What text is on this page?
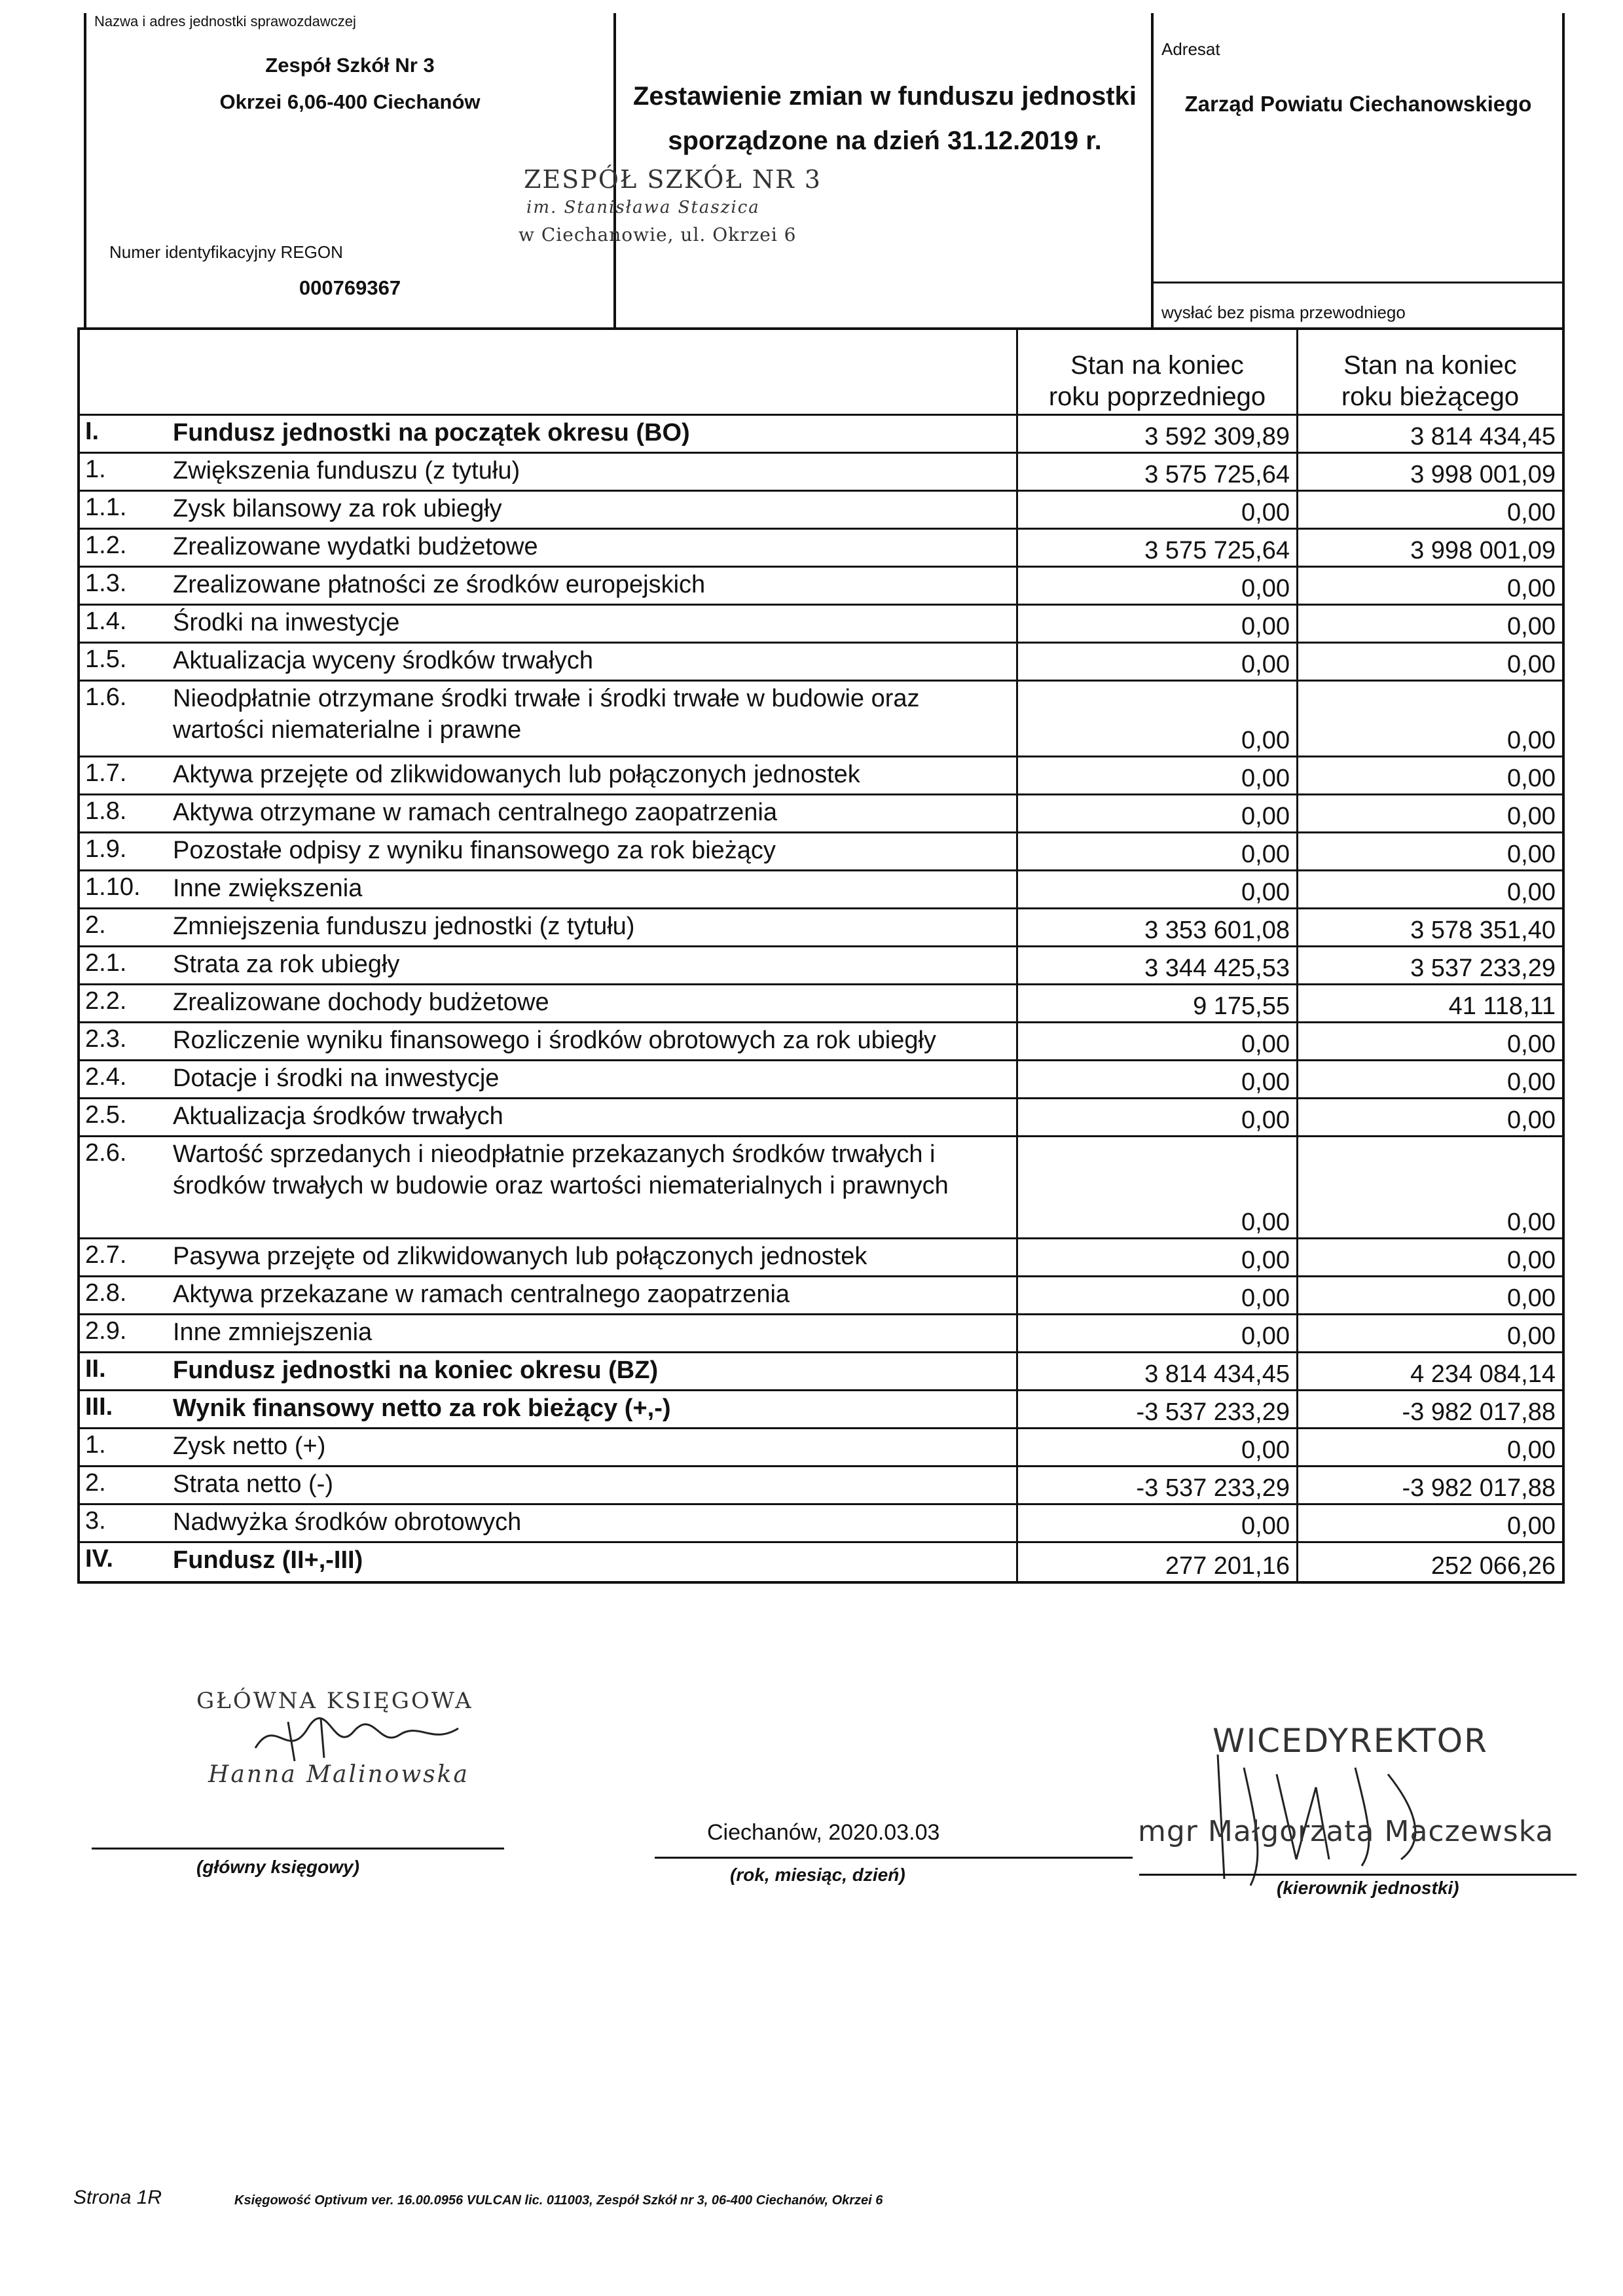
Nazwa i adres jednostki sprawozdawczej
Zespół Szkół Nr 3
Okrzei 6,06-400 Ciechanów
Numer identyfikacyjny REGON
000769367
Zestawienie zmian w funduszu jednostki
sporządzone na dzień 31.12.2019 r.
Adresat
Zarząd Powiatu Ciechanowskiego
wysłać bez pisma przewodniego
ZESPÓŁ SZKÓŁ NR 3
im. Stanisława Staszica
w Ciechanowie, ul. Okrzei 6
Stan na koniec
roku poprzedniego
Stan na koniec
roku bieżącego
I.	Fundusz jednostki na początek okresu (BO)	3 592 309,89	3 814 434,45
1.	Zwiększenia funduszu (z tytułu)	3 575 725,64	3 998 001,09
1.1.	Zysk bilansowy za rok ubiegły	0,00	0,00
1.2.	Zrealizowane wydatki budżetowe	3 575 725,64	3 998 001,09
1.3.	Zrealizowane płatności ze środków europejskich	0,00	0,00
1.4.	Środki na inwestycje	0,00	0,00
1.5.	Aktualizacja wyceny środków trwałych	0,00	0,00
1.6.	Nieodpłatnie otrzymane środki trwałe i środki trwałe w budowie oraz wartości niematerialne i prawne	0,00	0,00
1.7.	Aktywa przejęte od zlikwidowanych lub połączonych jednostek	0,00	0,00
1.8.	Aktywa otrzymane w ramach centralnego zaopatrzenia	0,00	0,00
1.9.	Pozostałe odpisy z wyniku finansowego za rok bieżący	0,00	0,00
1.10.	Inne zwiększenia	0,00	0,00
2.	Zmniejszenia funduszu jednostki (z tytułu)	3 353 601,08	3 578 351,40
2.1.	Strata za rok ubiegły	3 344 425,53	3 537 233,29
2.2.	Zrealizowane dochody budżetowe	9 175,55	41 118,11
2.3.	Rozliczenie wyniku finansowego i środków obrotowych za rok ubiegły	0,00	0,00
2.4.	Dotacje i środki na inwestycje	0,00	0,00
2.5.	Aktualizacja środków trwałych	0,00	0,00
2.6.	Wartość sprzedanych i nieodpłatnie przekazanych środków trwałych i środków trwałych w budowie oraz wartości niematerialnych i prawnych
0,00	0,00
2.7.	Pasywa przejęte od zlikwidowanych lub połączonych jednostek	0,00	0,00
2.8.	Aktywa przekazane w ramach centralnego zaopatrzenia	0,00	0,00
2.9.	Inne zmniejszenia	0,00	0,00
II.	Fundusz jednostki na koniec okresu (BZ)	3 814 434,45	4 234 084,14
III.	Wynik finansowy netto za rok bieżący (+,-)	-3 537 233,29	-3 982 017,88
1.	Zysk netto (+)	0,00	0,00
2.	Strata netto (-)	-3 537 233,29	-3 982 017,88
3.	Nadwyżka środków obrotowych	0,00	0,00
IV.	Fundusz (II+,-III)	277 201,16	252 066,26
GŁÓWNA KSIĘGOWA
Hanna Malinowska
(główny księgowy)
Ciechanów, 2020.03.03
(rok, miesiąc, dzień)
WICEDYREKTOR
mgr Małgorzata Maczewska
(kierownik jednostki)
Strona 1R	Księgowość Optivum ver. 16.00.0956 VULCAN lic. 011003, Zespół Szkół nr 3, 06-400 Ciechanów, Okrzei 6
